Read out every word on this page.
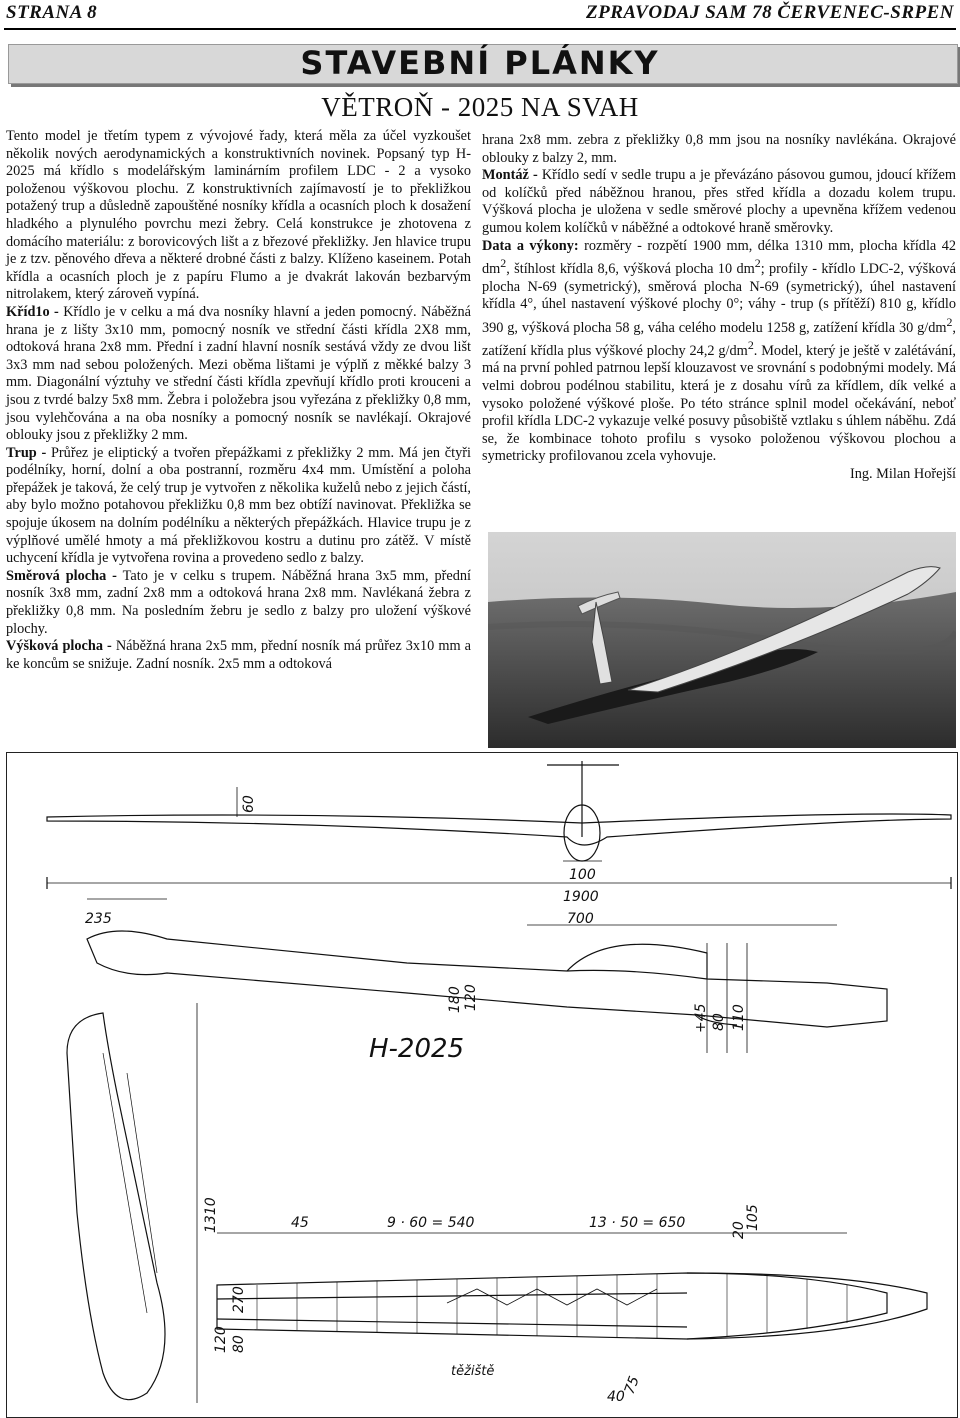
STRANA 8	ZPRAVODAJ SAM 78 ČERVENEC-SRPEN
STAVEBNÍ PLÁNKY
VĚTROŇ - 2025 NA SVAH

Tento model je třetím typem z vývojové řady, která měla za účel vyzkoušet několik nových aerodynamických a konstruktivních novinek. Popsaný typ H-2025 má křídlo s modelářským laminárním profilem LDC - 2 a vysoko položenou výškovou plochu. Z konstruktivních zajímavostí je to překližkou potažený trup a důsledně zapouštěné nosníky křídla a ocasních ploch k dosažení hladkého a plynulého povrchu mezi žebry. Celá konstrukce je zhotovena z domácího materiálu: z borovicových lišt a z březové překližky. Jen hlavice trupu je z tzv. pěnového dřeva a některé drobné části z balzy. Klíženo kaseinem. Potah křídla a ocasních ploch je z papíru Flumo a je dvakrát lakován bezbarvým nitrolakem, který zároveň vypíná.

Kříd1o - Křídlo je v celku a má dva nosníky hlavní a jeden pomocný. Náběžná hrana je z lišty 3x10 mm, pomocný nosník ve střední části křídla 2X8 mm, odtoková hrana 2x8 mm. Přední i zadní hlavní nosník sestává vždy ze dvou lišt 3x3 mm nad sebou položených. Mezi oběma lištami je výplň z měkké balzy 3 mm. Diagonální výztuhy ve střední části křídla zpevňují křídlo proti krouceni a jsou z tvrdé balzy 5x8 mm. Žebra i položebra jsou vyřezána z překližky 0,8 mm, jsou vylehčována a na oba nosníky a pomocný nosník se navlékají. Okrajové oblouky jsou z překližky 2 mm.

Trup - Průřez je eliptický a tvořen přepážkami z překližky 2 mm. Má jen čtyři podélníky, horní, dolní a oba postranní, rozměru 4x4 mm. Umístění a poloha přepážek je taková, že celý trup je vytvořen z několika kuželů nebo z jejich částí, aby bylo možno potahovou překližku 0,8 mm bez obtíží navinovat. Překližka se spojuje úkosem na dolním podélníku a některých přepážkách. Hlavice trupu je z výplňové umělé hmoty a má překližkovou kostru a dutinu pro zátěž. V místě uchycení křídla je vytvořena rovina a provedeno sedlo z balzy.

Směrová plocha - Tato je v celku s trupem. Náběžná hrana 3x5 mm, přední nosník 3x8 mm, zadní 2x8 mm a odtoková hrana 2x8 mm. Navlékaná žebra z překližky 0,8 mm. Na posledním žebru je sedlo z balzy pro uložení výškové plochy.

Výšková plocha - Náběžná hrana 2x5 mm, přední nosník má průřez 3x10 mm a ke koncům se snižuje. Zadní nosník. 2x5 mm a odtoková

hrana 2x8 mm. zebra z překližky 0,8 mm jsou na nosníky navlékána. Okrajové oblouky z balzy 2, mm.

Montáž - Křídlo sedí v sedle trupu a je převázáno pásovou gumou, jdoucí křížem od kolíčků před náběžnou hranou, přes střed křídla a dozadu kolem trupu. Výšková plocha je uložena v sedle směrové plochy a upevněna křížem vedenou gumou kolem kolíčků v náběžné a odtokové hraně směrovky.

Data a výkony: rozměry - rozpětí 1900 mm, délka 1310 mm, plocha křídla 42 $dm^2$, štíhlost křídla 8,6, výšková plocha 10 $dm^2$; profily - křídlo LDC-2, výšková plocha N-69 (symetrický), směrová plocha N-69 (symetrický), úhel nastavení křídla 4°, úhel nastavení výškové plochy 0°; váhy - trup (s přítěží) 810 g, křídlo 390 g, výšková plocha 58 g, váha celého modelu 1258 g, zatížení křídla 30 $g/dm^2$, zatížení křídla plus výškové plochy 24,2 $g/dm^2$. Model, který je ještě v zalétávání, má na první pohled patrnou lepší klouzavost ve srovnání s podobnými modely. Má velmi dobrou podélnou stabilitu, která je z dosahu vírů za křídlem, dík velké a vysoko položené výškové ploše. Po této stránce splnil model očekávání, neboť profil křídla LDC-2 vykazuje velké posuvy působiště vztlaku s úhlem náběhu. Zdá se, že kombinace tohoto profilu s vysoko položenou výškovou plochou a symetricky profilovanou zcela vyhovuje.

Ing. Milan Hořejší

60
100
1900
235	700
180 120
+45 80 110
1310	45	9 · 60 = 540	13 · 50 = 650	105
20
270
80
120
75
40
těžiště
H-2025
